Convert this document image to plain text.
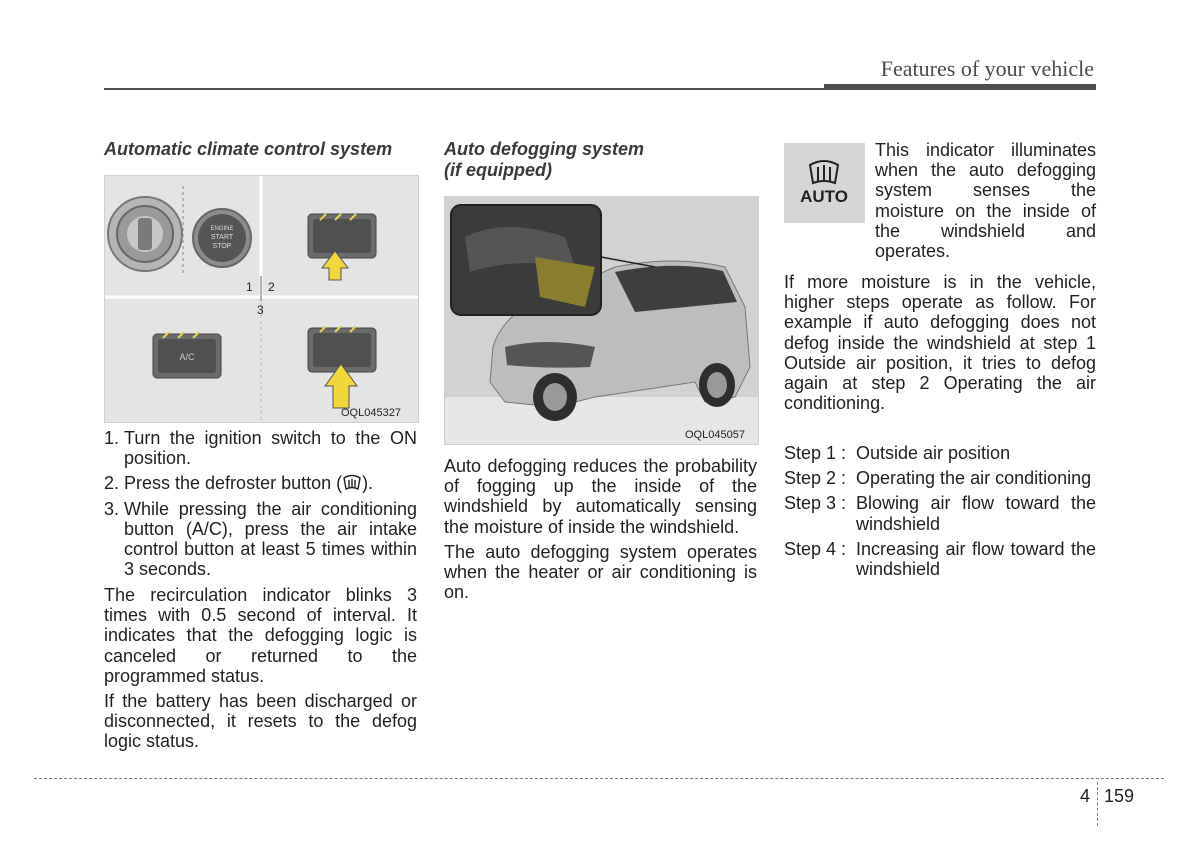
Features of your vehicle
Automatic climate control system
ENGINE
START
STOP
1 2
3
A/C
OQL045327
1. Turn the ignition switch to the ON position.
2. Press the defroster button ( ).
3. While pressing the air conditioning button (A/C), press the air intake control button at least 5 times within 3 seconds.

The recirculation indicator blinks 3 times with 0.5 second of interval. It indicates that the defogging logic is canceled or returned to the programmed status.

If the battery has been discharged or disconnected, it resets to the defog logic status.

Auto defogging system
(if equipped)
OQL045057

Auto defogging reduces the probability of fogging up the inside of the windshield by automatically sensing the moisture of inside the windshield.

The auto defogging system operates when the heater or air conditioning is on.

AUTO
This indicator illuminates when the auto defogging system senses the moisture on the inside of the windshield and operates.
If more moisture is in the vehicle, higher steps operate as follow. For example if auto defogging does not defog inside the windshield at step 1 Outside air position, it tries to defog again at step 2 Operating the air conditioning.
Step 1 : Outside air position
Step 2 : Operating the air conditioning
Step 3 : Blowing air flow toward the windshield
Step 4 : Increasing air flow toward the windshield
4 159
